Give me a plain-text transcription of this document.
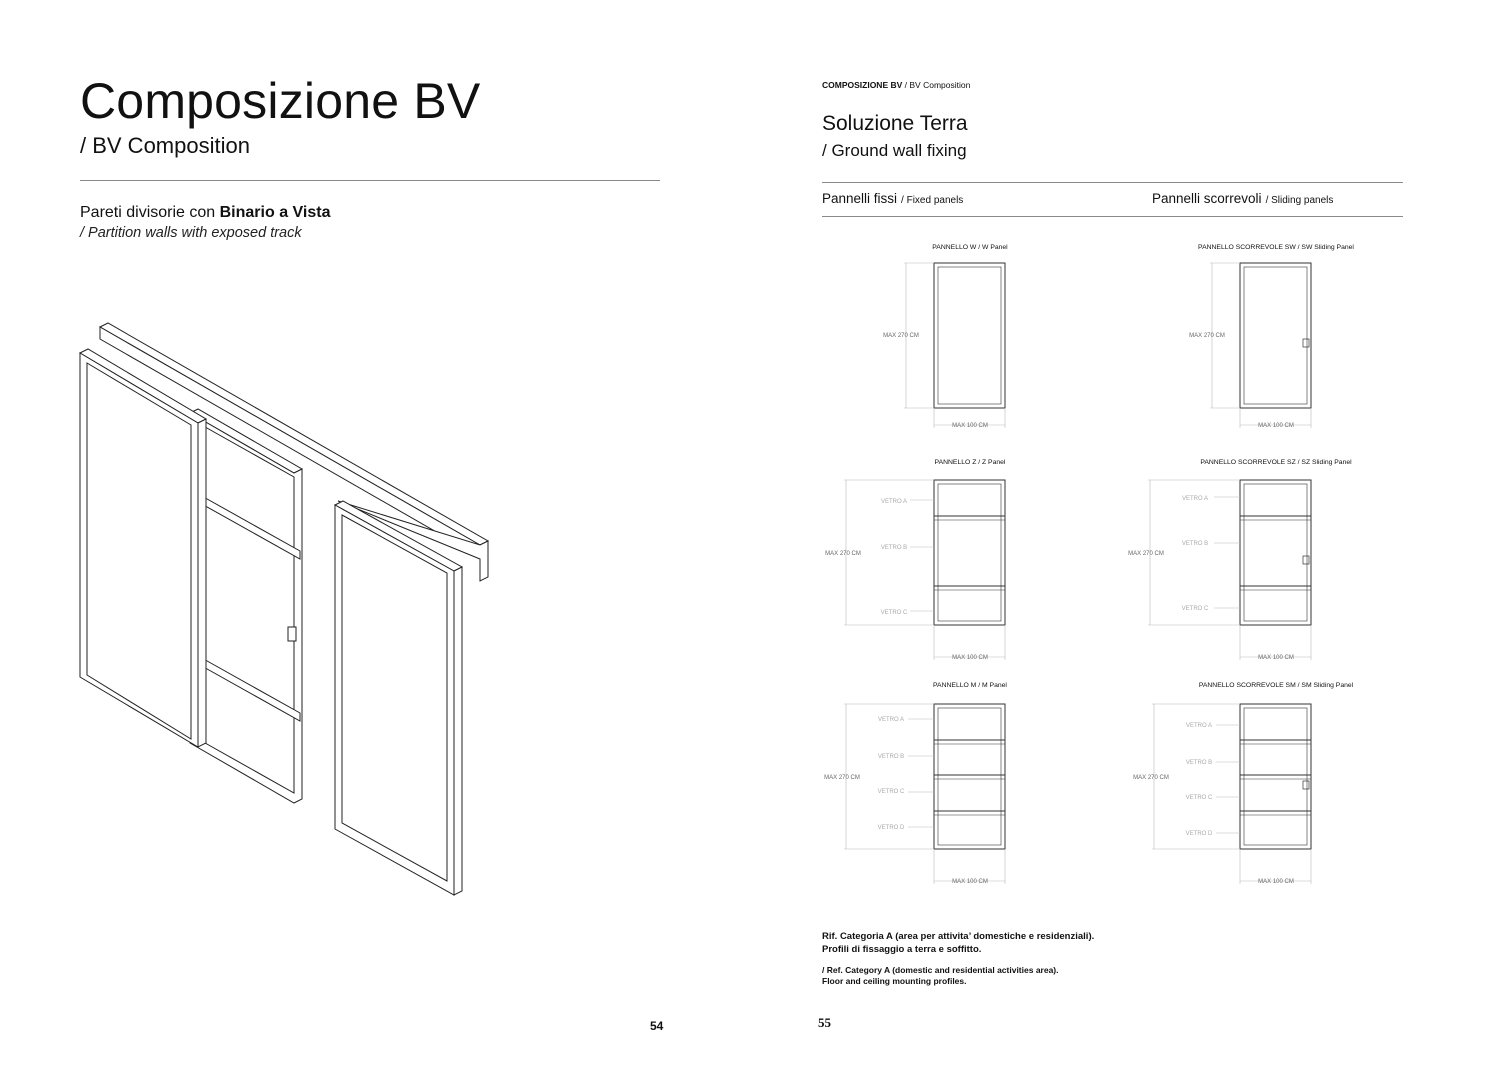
Composizione BV
/ BV Composition
Pareti divisorie con Binario a Vista
/ Partition walls with exposed track
54
COMPOSIZIONE BV / BV Composition
Soluzione Terra
/ Ground wall fixing
Pannelli fissi / Fixed panels	Pannelli scorrevoli / Sliding panels
PANNELLO W / W Panel	PANNELLO SCORREVOLE SW / SW Sliding Panel
PANNELLO Z / Z Panel	PANNELLO SCORREVOLE SZ / SZ Sliding Panel
PANNELLO M / M Panel	PANNELLO SCORREVOLE SM / SM Sliding Panel
MAX 270 CM	MAX 270 CM
MAX 100 CM	MAX 100 CM
MAX 270 CM	MAX 270 CM
MAX 100 CM	MAX 100 CM
MAX 270 CM	MAX 270 CM
MAX 100 CM	MAX 100 CM
VETRO A
VETRO B
VETRO C
VETRO A
VETRO B
VETRO C
VETRO A
VETRO B
VETRO C
VETRO D
VETRO A
VETRO B
VETRO C
VETRO D
Rif. Categoria A (area per attivita’ domestiche e residenziali).
Profili di fissaggio a terra e soffitto.
/ Ref. Category A (domestic and residential activities area).
Floor and ceiling mounting profiles.
55
